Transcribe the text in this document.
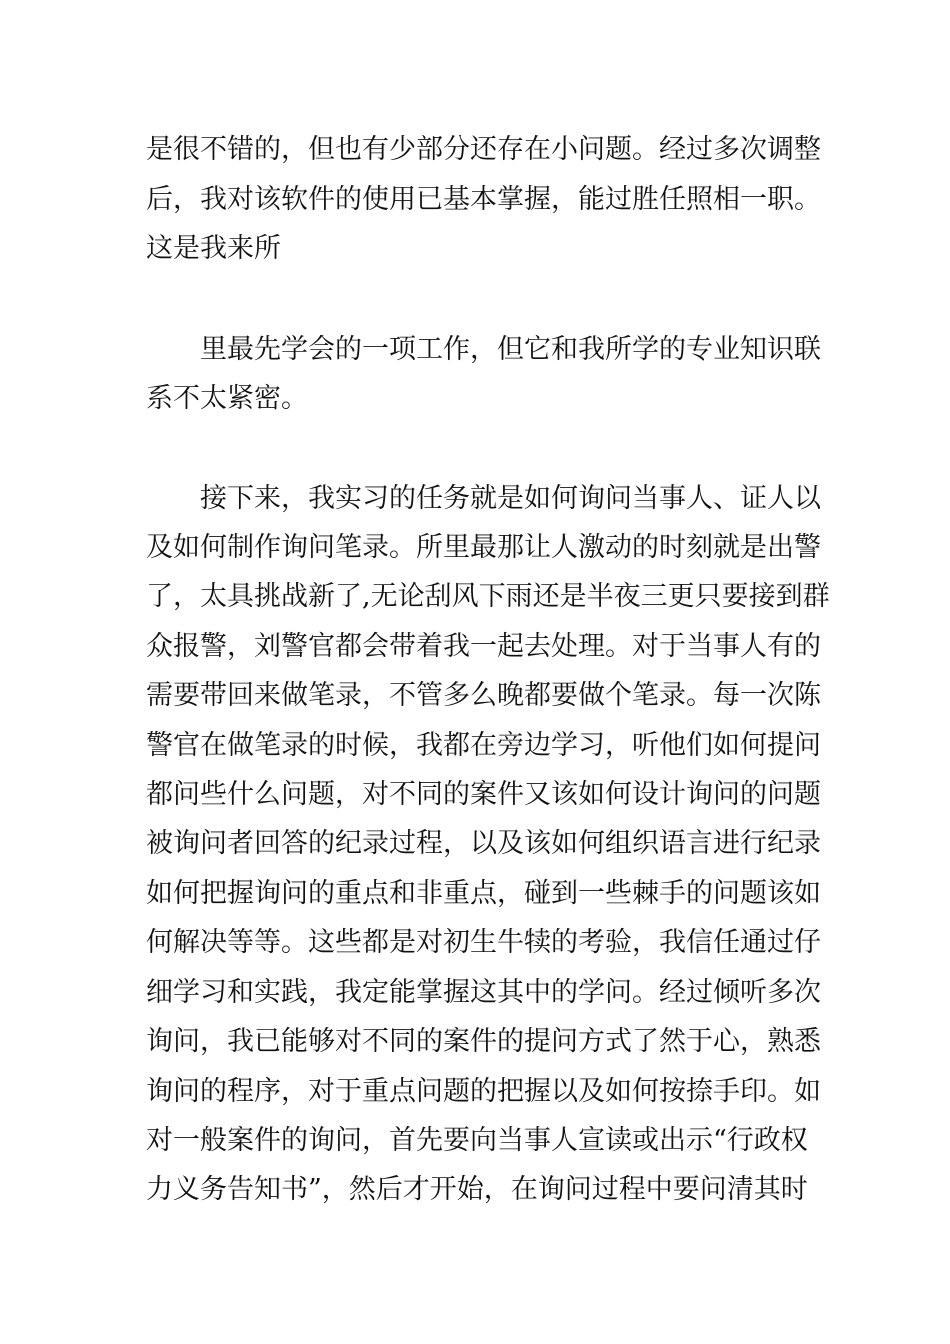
是很不错的，但也有少部分还存在小问题。经过多次调整
后，我对该软件的使用已基本掌握，能过胜任照相一职。
这是我来所
里最先学会的一项工作，但它和我所学的专业知识联
系不太紧密。
接下来，我实习的任务就是如何询问当事人、证人以
及如何制作询问笔录。所里最那让人激动的时刻就是出警
了，太具挑战新了,无论刮风下雨还是半夜三更只要接到群
众报警，刘警官都会带着我一起去处理。对于当事人有的
需要带回来做笔录，不管多么晚都要做个笔录。每一次陈
警官在做笔录的时候，我都在旁边学习，听他们如何提问
都问些什么问题，对不同的案件又该如何设计询问的问题
被询问者回答的纪录过程，以及该如何组织语言进行纪录
如何把握询问的重点和非重点，碰到一些棘手的问题该如
何解决等等。这些都是对初生牛犊的考验，我信任通过仔
细学习和实践，我定能掌握这其中的学问。经过倾听多次
询问，我已能够对不同的案件的提问方式了然于心，熟悉
询问的程序，对于重点问题的把握以及如何按捺手印。如
对一般案件的询问，首先要向当事人宣读或出示“行政权
力义务告知书”，然后才开始，在询问过程中要问清其时
